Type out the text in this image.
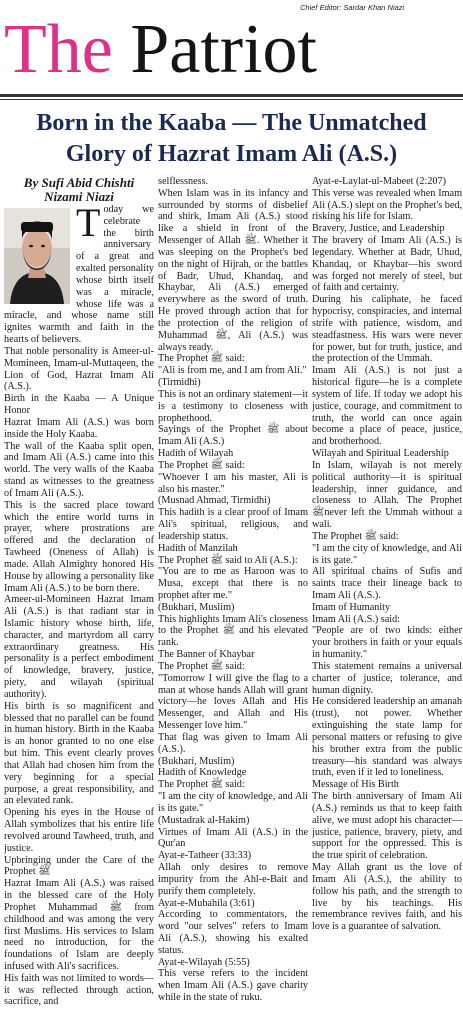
Chief Editor: Sardar Khan Niazi
The Patriot
Born in the Kaaba — The Unmatched
Glory of Hazrat Imam Ali (A.S.)
By Sufi Abid Chishti
Nizami Niazi
Today we celebrate the birth anniversary of a great and exalted personality whose birth itself was a miracle, whose life was a miracle, and whose name still ignites warmth and faith in the hearts of believers.
That noble personality is Ameer-ul-Momineen, Imam-ul-Muttaqeen, the Lion of God, Hazrat Imam Ali (A.S.).
Birth in the Kaaba — A Unique Honor
Hazrat Imam Ali (A.S.) was born inside the Holy Kaaba.
The wall of the Kaaba split open, and Imam Ali (A.S.) came into this world. The very walls of the Kaaba stand as witnesses to the greatness of Imam Ali (A.S.).
This is the sacred place toward which the entire world turns in prayer, where prostrations are offered and the declaration of Tawheed (Oneness of Allah) is made. Allah Almighty honored His House by allowing a personality like Imam Ali (A.S.) to be born there.
Ameer-ul-Momineen Hazrat Imam Ali (A.S.) is that radiant star in Islamic history whose birth, life, character, and martyrdom all carry extraordinary greatness. His personality is a perfect embodiment of knowledge, bravery, justice, piety, and wilayah (spiritual authority).
His birth is so magnificent and blessed that no parallel can be found in human history. Birth in the Kaaba is an honor granted to no one else but him. This event clearly proves that Allah had chosen him from the very beginning for a special purpose, a great responsibility, and an elevated rank.
Opening his eyes in the House of Allah symbolizes that his entire life revolved around Tawheed, truth, and justice.
Upbringing under the Care of the Prophet ﷺ
Hazrat Imam Ali (A.S.) was raised in the blessed care of the Holy Prophet Muhammad ﷺ from childhood and was among the very first Muslims. His services to Islam need no introduction, for the foundations of Islam are deeply infused with Ali's sacrifices.
His faith was not limited to words—it was reflected through action, sacrifice, and
selflessness.
When Islam was in its infancy and surrounded by storms of disbelief and shirk, Imam Ali (A.S.) stood like a shield in front of the Messenger of Allah ﷺ. Whether it was sleeping on the Prophet's bed on the night of Hijrah, or the battles of Badr, Uhud, Khandaq, and Khaybar, Ali (A.S.) emerged everywhere as the sword of truth. He proved through action that for the protection of the religion of Muhammad ﷺ, Ali (A.S.) was always ready.
The Prophet ﷺ said:
"Ali is from me, and I am from Ali."
(Tirmidhi)
This is not an ordinary statement—it is a testimony to closeness with prophethood.
Sayings of the Prophet ﷺ about Imam Ali (A.S.)
Hadith of Wilayah
The Prophet ﷺ said:
"Whoever I am his master, Ali is also his master."
(Musnad Ahmad, Tirmidhi)
This hadith is a clear proof of Imam Ali's spiritual, religious, and leadership status.
Hadith of Manzilah
The Prophet ﷺ said to Ali (A.S.):
"You are to me as Haroon was to Musa, except that there is no prophet after me."
(Bukhari, Muslim)
This highlights Imam Ali's closeness to the Prophet ﷺ and his elevated rank.
The Banner of Khaybar
The Prophet ﷺ said:
"Tomorrow I will give the flag to a man at whose hands Allah will grant victory—he loves Allah and His Messenger, and Allah and His Messenger love him."
That flag was given to Imam Ali (A.S.).
(Bukhari, Muslim)
Hadith of Knowledge
The Prophet ﷺ said:
"I am the city of knowledge, and Ali is its gate."
(Mustadrak al-Hakim)
Virtues of Imam Ali (A.S.) in the Qur'an
Ayat-e-Tatheer (33:33)
Allah only desires to remove impurity from the Ahl-e-Bait and purify them completely.
Ayat-e-Mubahila (3:61)
According to commentators, the word "our selves" refers to Imam Ali (A.S.), showing his exalted status.
Ayat-e-Wilayah (5:55)
This verse refers to the incident when Imam Ali (A.S.) gave charity while in the state of ruku.
Ayat-e-Laylat-ul-Mabeet (2:207)
This verse was revealed when Imam Ali (A.S.) slept on the Prophet's bed, risking his life for Islam.
Bravery, Justice, and Leadership
The bravery of Imam Ali (A.S.) is legendary. Whether at Badr, Uhud, Khandaq, or Khaybar—his sword was forged not merely of steel, but of faith and certainty.
During his caliphate, he faced hypocrisy, conspiracies, and internal strife with patience, wisdom, and steadfastness. His wars were never for power, but for truth, justice, and the protection of the Ummah.
Imam Ali (A.S.) is not just a historical figure—he is a complete system of life. If today we adopt his justice, courage, and commitment to truth, the world can once again become a place of peace, justice, and brotherhood.
Wilayah and Spiritual Leadership
In Islam, wilayah is not merely political authority—it is spiritual leadership, inner guidance, and closeness to Allah. The Prophet ﷺnever left the Ummah without a wali.
The Prophet ﷺ said:
"I am the city of knowledge, and Ali is its gate."
All spiritual chains of Sufis and saints trace their lineage back to Imam Ali (A.S.).
Imam of Humanity
Imam Ali (A.S.) said:
"People are of two kinds: either your brothers in faith or your equals in humanity."
This statement remains a universal charter of justice, tolerance, and human dignity.
He considered leadership an amanah (trust), not power. Whether extinguishing the state lamp for personal matters or refusing to give his brother extra from the public treasury—his standard was always truth, even if it led to loneliness.
Message of His Birth
The birth anniversary of Imam Ali (A.S.) reminds us that to keep faith alive, we must adopt his character—justice, patience, bravery, piety, and support for the oppressed. This is the true spirit of celebration.
May Allah grant us the love of Imam Ali (A.S.), the ability to follow his path, and the strength to live by his teachings. His remembrance revives faith, and his love is a guarantee of salvation.
